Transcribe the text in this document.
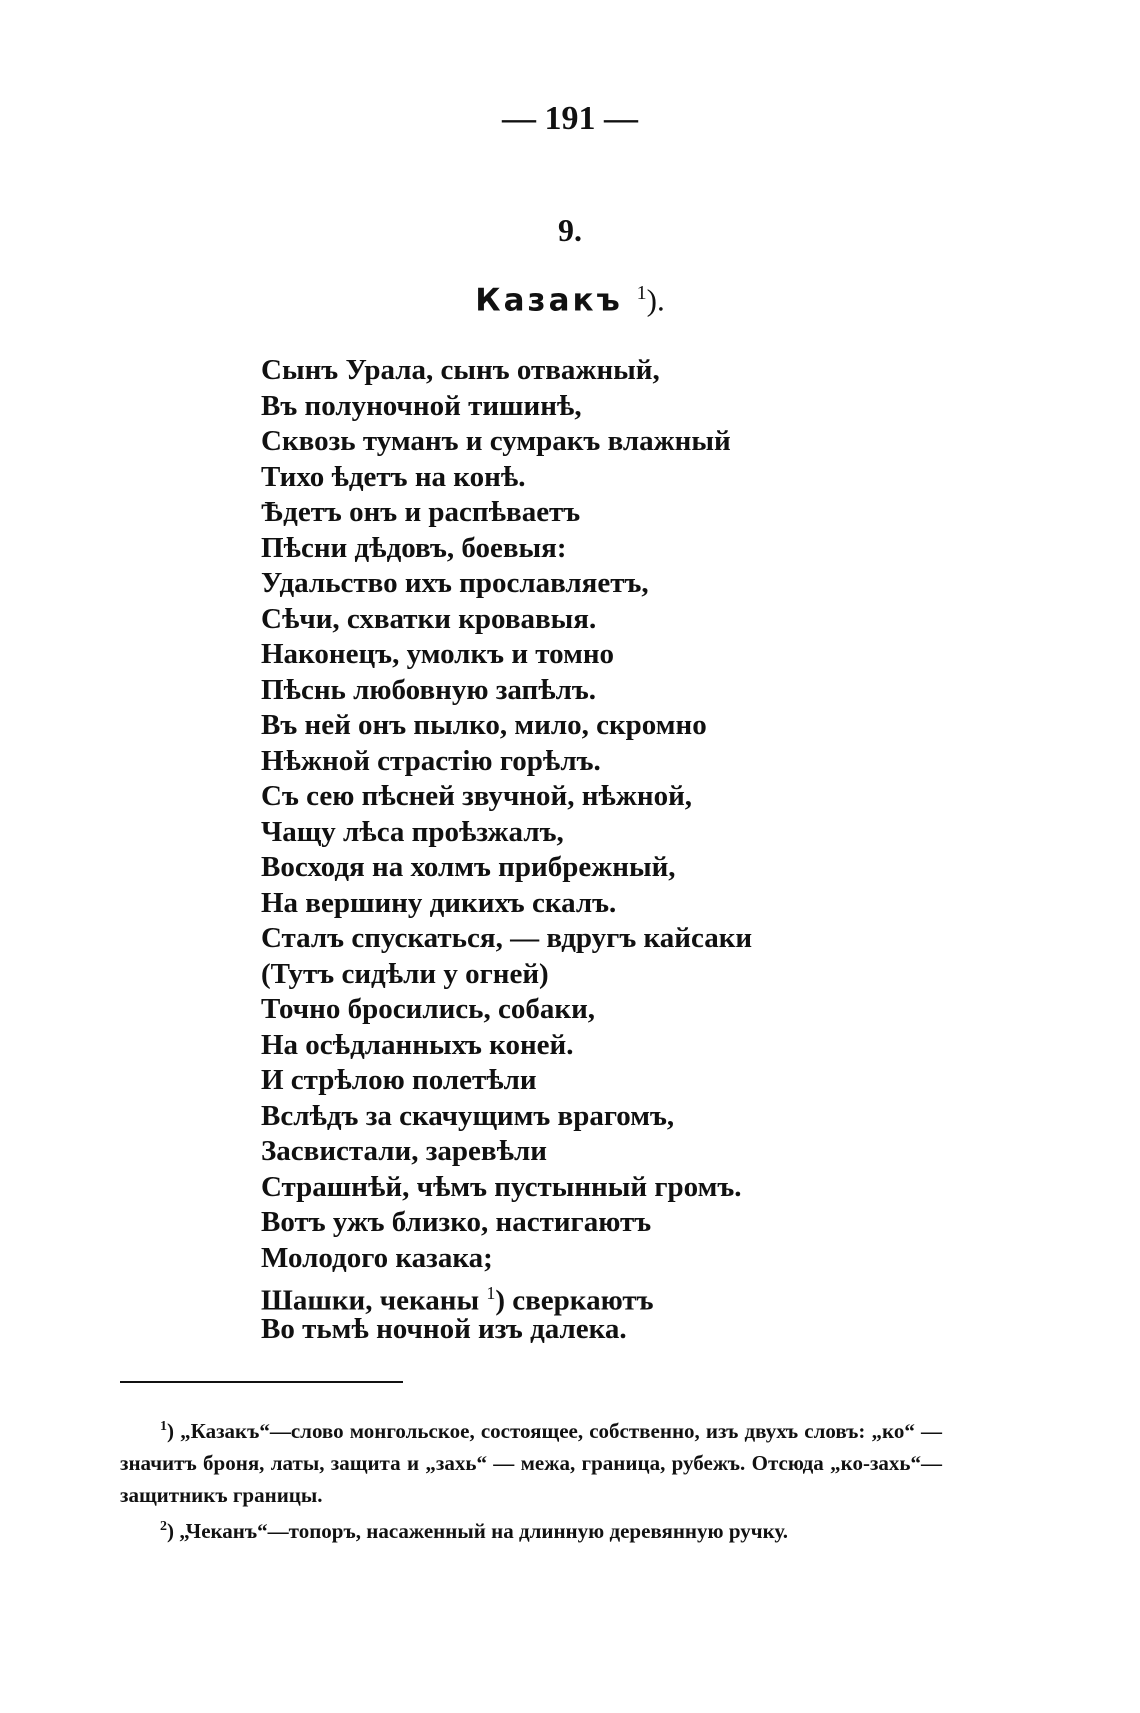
— 191 —
9.
Казакъ $^1$).
Сынъ Урала, сынъ отважный,
Въ полуночной тишинѣ,
Сквозь туманъ и сумракъ влажный
Тихо ѣдетъ на конѣ.
Ѣдетъ онъ и распѣваетъ
Пѣсни дѣдовъ, боевыя:
Удальство ихъ прославляетъ,
Сѣчи, схватки кровавыя.
Наконецъ, умолкъ и томно
Пѣснь любовную запѣлъ.
Въ ней онъ пылко, мило, скромно
Нѣжной страстiю горѣлъ.
Съ сею пѣсней звучной, нѣжной,
Чащу лѣса проѣзжалъ,
Восходя на холмъ прибрежный,
На вершину дикихъ скалъ.
Сталъ спускаться, — вдругъ кайсаки
(Тутъ сидѣли у огней)
Точно бросились, собаки,
На осѣдланныхъ коней.
И стрѣлою полетѣли
Вслѣдъ за скачущимъ врагомъ,
Засвистали, заревѣли
Страшнѣй, чѣмъ пустынный громъ.
Вотъ ужъ близко, настигаютъ
Молодого казака;
Шашки, чеканы $^1$) сверкаютъ
Во тьмѣ ночной изъ далека.
$^1$) „Казакъ“—слово монгольское, состоящее, собственно, изъ двухъ словъ: „ко“ — значитъ броня, латы, защита и „захь“ — межа, граница, рубежъ. Отсюда „ко-захь“—защитникъ границы.
$^2$) „Чеканъ“—топоръ, насаженный на длинную деревянную ручку.
